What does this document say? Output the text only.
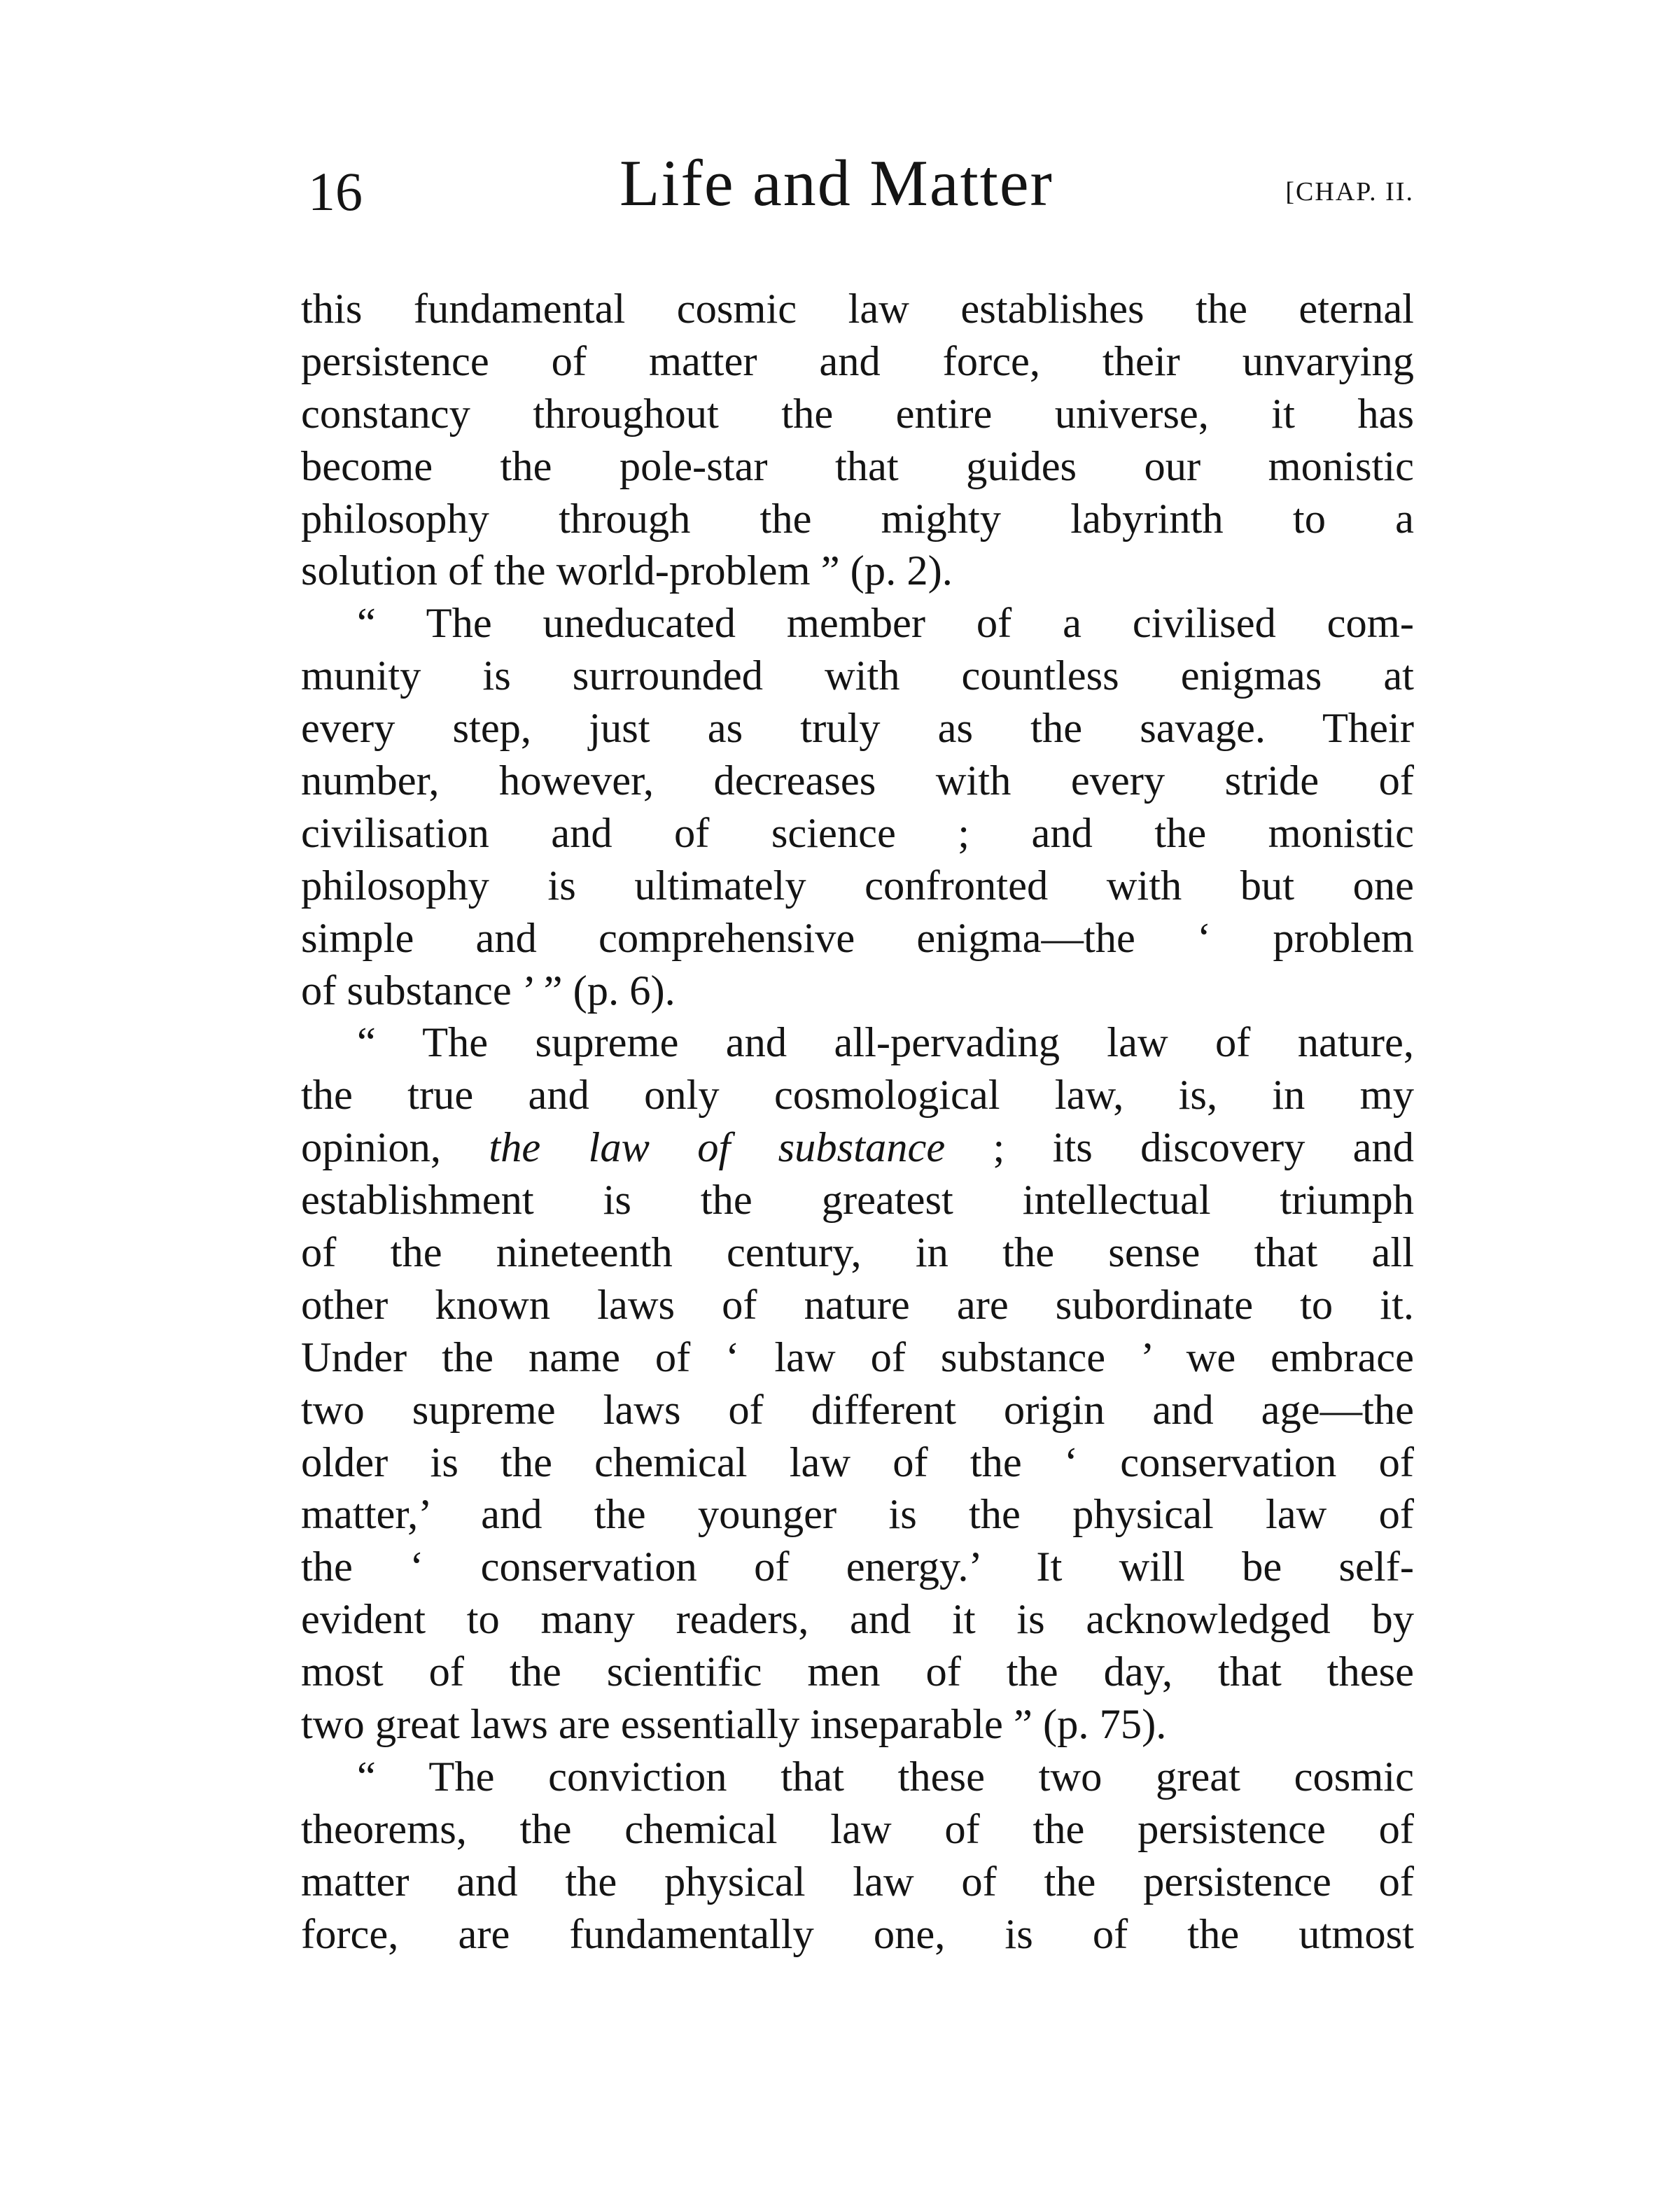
16	Life and Matter	[CHAP. II.
this fundamental cosmic law establishes the eternal
persistence of matter and force, their unvarying
constancy throughout the entire universe, it has
become the pole-star that guides our monistic
philosophy through the mighty labyrinth to a
solution of the world-problem ” (p. 2).
“ The uneducated member of a civilised com-
munity is surrounded with countless enigmas at
every step, just as truly as the savage. Their
number, however, decreases with every stride of
civilisation and of science ; and the monistic
philosophy is ultimately confronted with but one
simple and comprehensive enigma—the ‘ problem
of substance ’ ” (p. 6).
“ The supreme and all-pervading law of nature,
the true and only cosmological law, is, in my
opinion, the law of substance ; its discovery and
establishment is the greatest intellectual triumph
of the nineteenth century, in the sense that all
other known laws of nature are subordinate to it.
Under the name of ‘ law of substance ’ we embrace
two supreme laws of different origin and age—the
older is the chemical law of the ‘ conservation of
matter,’ and the younger is the physical law of
the ‘ conservation of energy.’ It will be self-
evident to many readers, and it is acknowledged by
most of the scientific men of the day, that these
two great laws are essentially inseparable ” (p. 75).
“ The conviction that these two great cosmic
theorems, the chemical law of the persistence of
matter and the physical law of the persistence of
force, are fundamentally one, is of the utmost
